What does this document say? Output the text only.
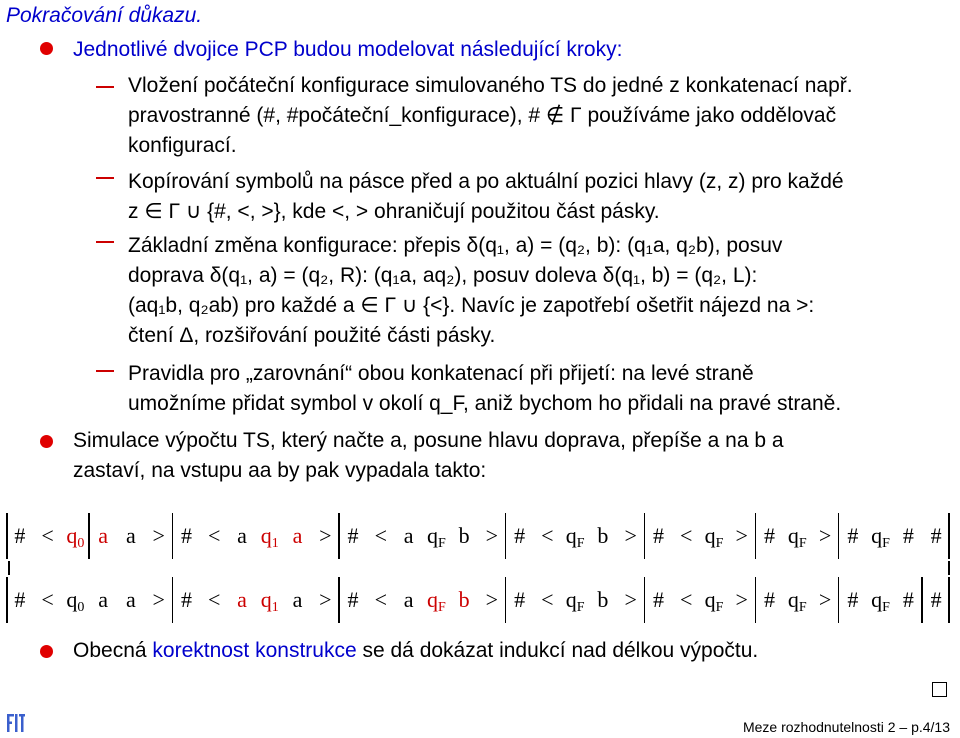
Pokračování důkazu.
Jednotlivé dvojice PCP budou modelovat následující kroky:
Vložení počáteční konfigurace simulovaného TS do jedné z konkatenací např.
pravostranné (#, #počáteční_konfigurace), # ∉ Γ používáme jako oddělovač
konfigurací.
Kopírování symbolů na pásce před a po aktuální pozici hlavy (z, z) pro každé
z ∈ Γ ∪ {#, <, >}, kde <, > ohraničují použitou část pásky.
Základní změna konfigurace: přepis δ(q₁, a) = (q₂, b): (q₁a, q₂b), posuv
doprava δ(q₁, a) = (q₂, R): (q₁a, aq₂), posuv doleva δ(q₁, b) = (q₂, L):
(aq₁b, q₂ab) pro každé a ∈ Γ ∪ {<}. Navíc je zapotřebí ošetřit nájezd na >:
čtení Δ, rozšiřování použité části pásky.
Pravidla pro „zarovnání“ obou konkatenací při přijetí: na levé straně
umožníme přidat symbol v okolí q_F, aniž bychom ho přidali na pravé straně.
Simulace výpočtu TS, který načte a, posune hlavu doprava, přepíše a na b a
zastaví, na vstupu aa by pak vypadala takto:
# < $q_0$ a a > # < a $q_1$ a > # < a $q_F$ b > # < $q_F$ b > # < $q_F$ > # $q_F$ > # $q_F$ # #
# < $q_0$ a a > # < a $q_1$ a > # < a $q_F$ b > # < $q_F$ b > # < $q_F$ > # $q_F$ > # $q_F$ # #
Obecná korektnost konstrukce se dá dokázat indukcí nad délkou výpočtu.
Meze rozhodnutelnosti 2 – p.4/13
